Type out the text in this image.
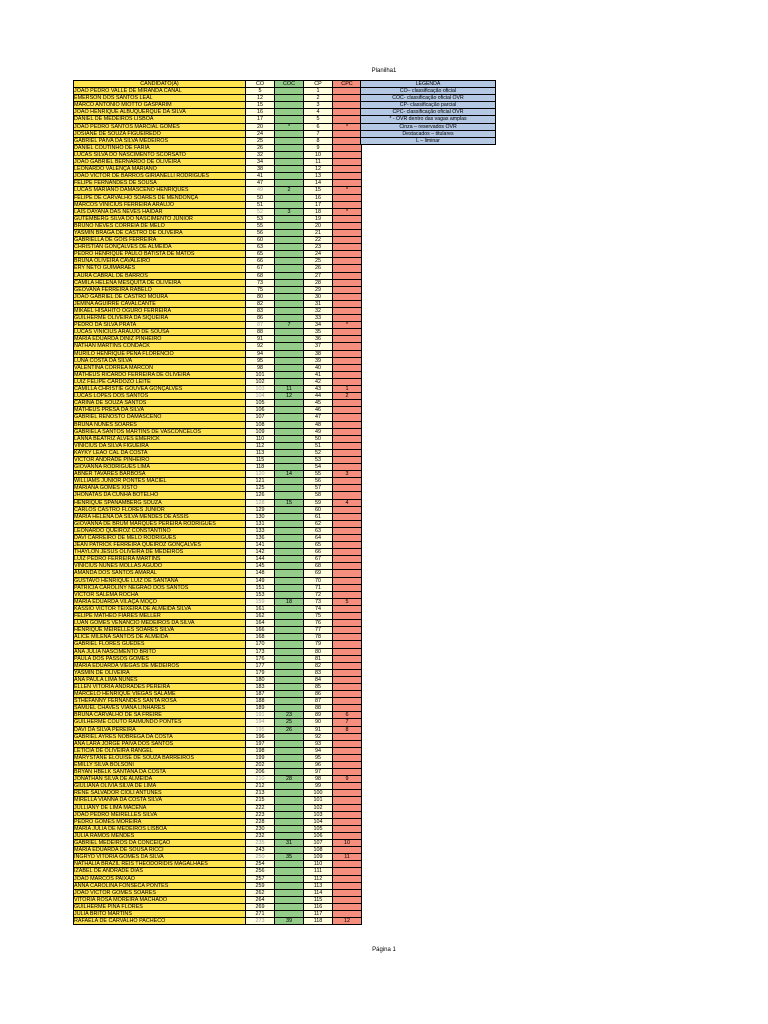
Planilha1
CANDIDATO(A)	CO	COC	CP	CPC
JOÃO PEDRO VALLE DE MIRANDA CANAL	5		1	
EMERSON DOS SANTOS LEAL	12		2	
MARCO ANTONIO MIOTTO GASPARIM	15		3	
JOÃO HENRIQUE ALBUQUERQUE DA SILVA	16		4	
DANIEL DE MEDEIROS LISBOA	17		5	
JOÃO PEDRO SANTOS MARCIAL GOMES	20	*	6	*
JOSIANE DE SOUZA FIGUEIREDO	24		7	
GABRIEL PAIVA DA SILVA MEDEIROS	25		8	
DANIEL COUTINHO DE FARIA	26		9	
LUCAS SILVA DO NASCIMENTO SCORSATO	32		10	
JOÃO GABRIEL BERNARDO DE OLIVEIRA	34		11	
LEONARDO VALENÇA MARIANO	38		12	
JOÃO VICTOR DE BARROS GIRIANELLI RODRIGUES	41		13	
FELIPE FERNANDES DE SOUSA	47		14	
LUCAS MARIANO DAMASCENO HENRIQUES	49	2	15	*
FELIPE DE CARVALHO SOARES DE MENDONÇA	50		16	
MARCOS VINICIUS FERREIRA ARAUJO	51		17	
LAIS DAYANA DAS NEVES HAIDAR	52	3	18	*
GUTEMBERG SILVA DO NASCIMENTO JÚNIOR	53		19	
BRUNO NEVES CORREIA DE MELO	55		20	
YASMIN BRAGA DE CASTRO DE OLIVEIRA	56		21	
GABRIELLA DE GOIS FERREIRA	60		22	
CHRISTIAN GONÇALVES DE ALMEIDA	63		23	
PEDRO HENRIQUE PAULO BATISTA DE MATOS	65		24	
BRUNA OLIVEIRA CAVALEIRO	66		25	
ERY NETO GUIMARAES	67		26	
LAURA CABRAL DE BARROS	68		27	
CAMILA HELENA MESQUITA DE OLIVEIRA	73		28	
GEOVANA FERREIRA RABELO	75		29	
JOÃO GABRIEL DE CASTRO MOURA	80		30	
JEMINA AGUIRRE CAVALCANTE	82		31	
MIKAEL HISAHITO OGURO FERREIRA	83		32	
GUILHERME OLIVEIRA DA SIQUEIRA	86		33	
PEDRO DA SILVA PRATA	87	7	34	*
LUCAS VINICIUS ARAUJO DE SOUSA	88		35	
MARIA EDUARDA DINIZ PINHEIRO	91		36	
NATHAN MARTINS CONDACK	92		37	
MURILO HENRIQUE PENA FLORENCIO	94		38	
LUNA COSTA DA SILVA	95		39	
VALENTINA CORREA MARCON	98		40	
MATHEUS RICARDO FERREIRA DE OLIVEIRA	101		41	
LUIZ FELIPE CARDOZO LEITE	102		42	
CAMILLA CHRISTIE GOUVEA GONÇALVES	103	11	43	1
LUCAS LOPES DOS SANTOS	104	12	44	2
CARINA DE SOUZA SANTOS	105		45	
MATHEUS PRESA DA SILVA	106		46	
GABRIEL RENOSTO DAMASCENO	107		47	
BRUNA NUNES SOARES	108		48	
GABRIELA SANTOS MARTINS DE VASCONCELOS	109		49	
LANNA BEATRIZ ALVES EMERICK	110		50	
VINICIUS DA SILVA FIGUEIRA	112		51	
KAYKY LEÃO CAL DA COSTA	113		52	
VICTOR ANDRADE PINHEIRO	115		53	
GIOVANNA RODRIGUES LIMA	118		54	
ABNER TAVARES BARBOSA	120	14	55	3
WILLIAMS JUNIOR PONTES MACIEL	121		56	
MARIANA GOMES XISTO	125		57	
JHONATAS DA CUNHA BOTELHO	126		58	
HENRIQUE SPANAMBERG SOUZA	128	15	59	4
CARLOS CASTRO FLORES JUNIOR	129		60	
MARIA HELENA DA SILVA MENDES DE ASSIS	130		61	
GIOVANNA DE BRUM MARQUES PEREIRA RODRIGUES	131		62	
LEONARDO QUEIROZ CONSTANTINO	133		63	
DAVI CARREIRO DE MELO RODRIGUES	136		64	
JEAN PATRICK FERREIRA QUEIROZ GONÇALVES	141		65	
THAYLON JESUS OLIVEIRA DE MEDEIROS	142		66	
LUIZ PEDRO FERREIRA MARTINS	144		67	
VINICIUS NUNES MOLLAS AGUDO	145		68	
AMANDA DOS SANTOS AMARAL	148		69	
GUSTAVO HENRIQUE LUIZ DE SANTANA	149		70	
PATRICIA CAROLINY NEGRÃO DOS SANTOS	151		71	
VICTOR SALEMA ROCHA	153		72	
MARIA EDUARDA VILAÇA MOÇO	159	18	73	5
KASSIO VICTOR TEIXEIRA DE ALMEIDA SILVA	161		74	
FELIPE MATHEO FIARES MELLER	162		75	
LUAN GOMES VENANCIO MEDEIROS DA SILVA	164		76	
HENRIQUE MEIRELLES SOARES SILVA	166		77	
ALICE MILENA SANTOS DE ALMEIDA	168		78	
GABRIEL FLORES GUEDES	170		79	
ANA JULIA NASCIMENTO BRITO	173		80	
PAULA DOS PASSOS GOMES	176		81	
MARIA EDUARDA VIEGAS DE MEDEIROS	177		82	
YASMIN DE OLIVEIRA	179		83	
ANA PAULA LIMA NUNES	180		84	
ELLEN VITORIA ANDRADES PEREIRA	183		85	
MARCELO HENRIQUE VIEGAS SALAME	187		86	
STHEFANNY FERNANDES SANTA ROSA	188		87	
SAMUEL CHAVES VIANA LINHARES	189		88	
BRUNA CARVALHO DE SA FREIRE	191	23	89	6
GUILHERME COUTO RAIMUNDO PONTES	194	25	90	7
DAVI DA SILVA PEREIRA	195	26	91	8
GABRIEL AYRES NOBREGA DA COSTA	196		92	
ANA LARA JORGE PAIVA DOS SANTOS	197		93	
LETICIA DE OLIVEIRA RANGEL	198		94	
MARYSTANE ELOUISE DE SOUZA BARREIROS	199		95	
EMILLY SILVA BOLSONI	202		96	
BRYAN HBELK SANTANA DA COSTA	206		97	
JONATHAN SILVA DE ALMEIDA	210	28	98	9
GIULIANA OLIVIA SILVA DE LIMA	212		99	
RENE SALVADOR CIOLI ANTUNES	213		100	
MIRELLA VIANNA DA COSTA SILVA	215		101	
JULLIANY DE LIMA MACENA	222		102	
JOÃO PEDRO MEIRELLES SILVA	223		103	
PEDRO GOMES MOREIRA	228		104	
MARIA JÚLIA DE MEDEIROS LISBOA	230		105	
JULIA RAMOS MENDES	232		106	
GABRIEL MEDEIROS DA CONCEIÇÃO	235	31	107	10
MARIA EDUARDA DE SOUSA RICCI	243		108	
INGRYD VITORIA GOMES DA SILVA	250	35	109	11
NATHALIA BRAZIL REIS THEODORIDIS MAGALHÃES	254		110	
IZABEL DE ANDRADE DIAS	256		111	
JOÃO MARCOS PAIXAO	257		112	
ANNA CAROLINA FONSECA PONTES	259		113	
JOÃO VICTOR GOMES SOARES	262		114	
VITORIA ROSA MOREIRA MACHADO	264		115	
GUILHERME PINA FLORES	269		116	
JÚLIA BRITO MARTINS	271		117	
RAFAELA DE CARVALHO PACHECO	273	39	118	12
LEGENDA
CO– classificação oficial
COC- classificação oficial OVR
CP- classificação parcial
CPC- classificação oficial OVR
* - OVR dentro das vagas amplas
Cinza – reservados OVR
Destacados – titulares
L – liminar
Página 1
